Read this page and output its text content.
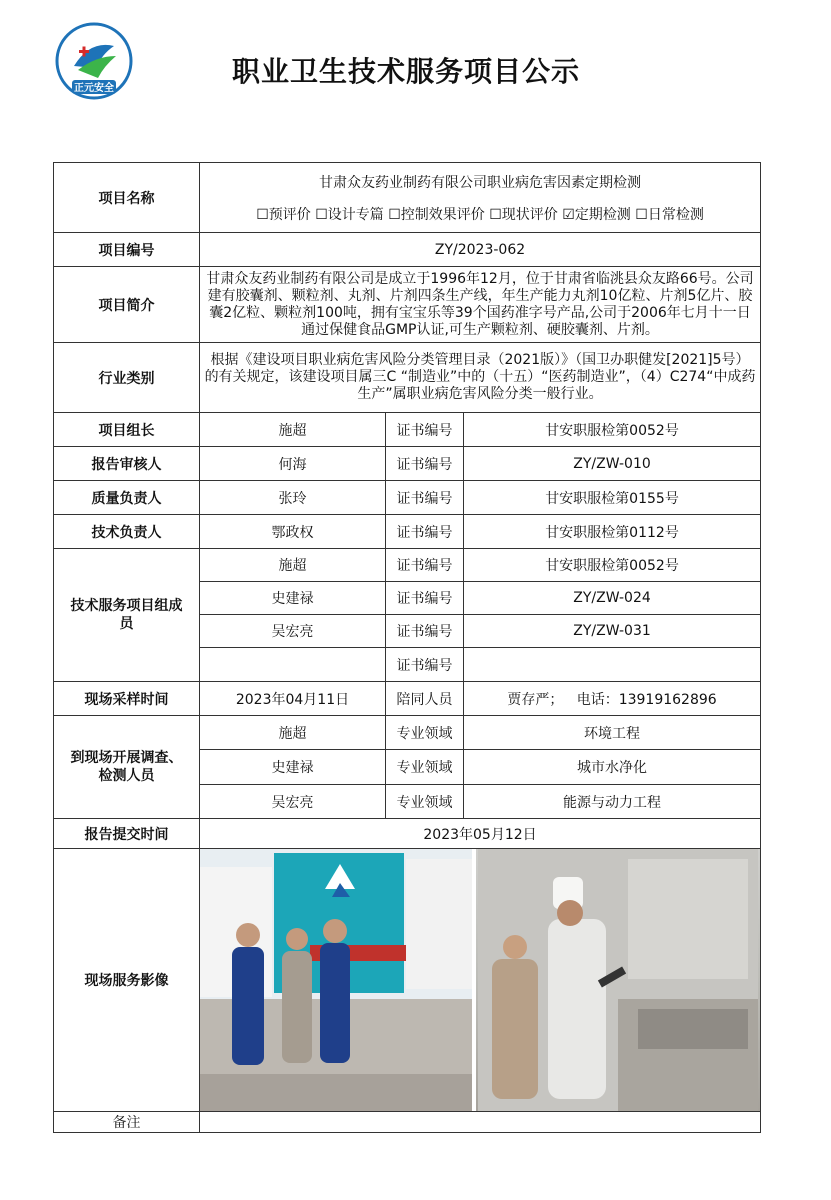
正元安全
职业卫生技术服务项目公示
项目名称	甘肃众友药业制药有限公司职业病危害因素定期检测
☐预评价 ☐设计专篇 ☐控制效果评价 ☐现状评价 ☑定期检测 ☐日常检测		

项目编号	ZY/2023-062		
项目简介	甘肃众友药业制药有限公司是成立于1996年12月，位于甘肃省临洮县众友路66号。公司建有胶囊剂、颗粒剂、丸剂、片剂四条生产线，年生产能力丸剂10亿粒、片剂5亿片、胶囊2亿粒、颗粒剂100吨，拥有宝宝乐等39个国药准字号产品,公司于2006年七月十一日通过保健食品GMP认证,可生产颗粒剂、硬胶囊剂、片剂。		
行业类别	根据《建设项目职业病危害风险分类管理目录（2021版）》（国卫办职健发[2021]5号）的有关规定，该建设项目属三C “制造业”中的（十五）“医药制造业”，（4）C274“中成药生产”属职业病危害风险分类一般行业。		
项目组长	施超	证书编号	甘安职服检第0052号
报告审核人	何海	证书编号	ZY/ZW-010
质量负责人	张玲	证书编号	甘安职服检第0155号
技术负责人	鄂政权	证书编号	甘安职服检第0112号
技术服务项目组成员	施超	证书编号	甘安职服检第0052号
	史建禄	证书编号	ZY/ZW-024
	吴宏亮	证书编号	ZY/ZW-031
		证书编号	
现场采样时间	2023年04月11日	陪同人员	贾存严；   电话：13919162896
到现场开展调查、检测人员	施超	专业领域	环境工程
	史建禄	专业领域	城市水净化
	吴宏亮	专业领域	能源与动力工程
报告提交时间	2023年05月12日		
现场服务影像	

备注			
